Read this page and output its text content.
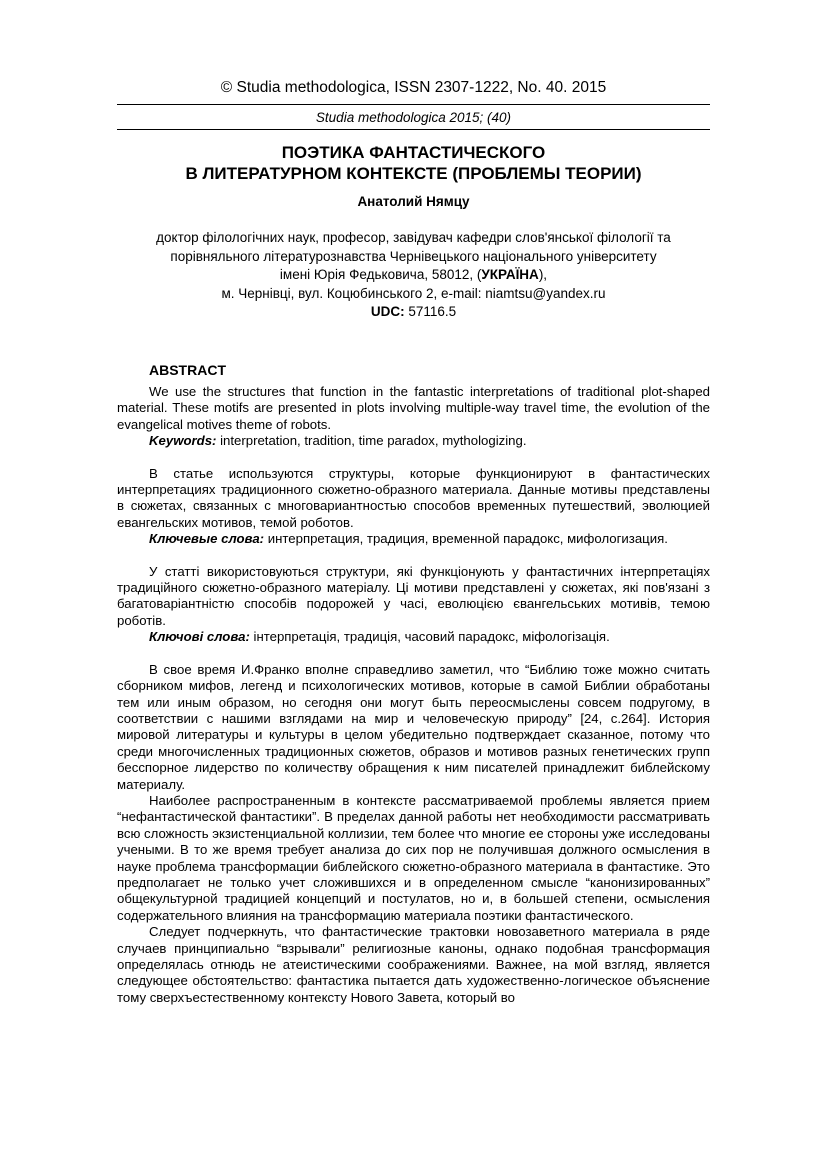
© Studia methodologica, ISSN 2307-1222, No. 40. 2015
Studia methodologica 2015; (40)
ПОЭТИКА ФАНТАСТИЧЕСКОГО
В ЛИТЕРАТУРНОМ КОНТЕКСТЕ (ПРОБЛЕМЫ ТЕОРИИ)
Анатолий Нямцу
доктор філологічних наук, професор, завідувач кафедри слов'янської філології та
порівняльного літературознавства Чернівецького національного університету
імені Юрія Федьковича, 58012, (УКРАЇНА),
м. Чернівці, вул. Коцюбинського 2, e-mail: niamtsu@yandex.ru
UDC: 57116.5
ABSTRACT

We use the structures that function in the fantastic interpretations of traditional plot-shaped material. These motifs are presented in plots involving multiple-way travel time, the evolution of the evangelical motives theme of robots.

Keywords: interpretation, tradition, time paradox, mythologizing.

В статье используются структуры, которые функционируют в фантастических интерпретациях традиционного сюжетно-образного материала. Данные мотивы представлены в сюжетах, связанных с многовариантностью способов временных путешествий, эволюцией евангельских мотивов, темой роботов.

Ключевые слова: интерпретация, традиция, временной парадокс, мифологизация.

У статті використовуються структури, які функціонують у фантастичних інтерпретаціях традиційного сюжетно-образного матеріалу. Ці мотиви представлені у сюжетах, які пов'язані з багатоваріантністю способів подорожей у часі, еволюцією євангельських мотивів, темою роботів.

Ключові слова: інтерпретація, традиція, часовий парадокс, міфологізація.

В свое время И.Франко вполне справедливо заметил, что “Библию тоже можно считать сборником мифов, легенд и психологических мотивов, которые в самой Библии обработаны тем или иным образом, но сегодня они могут быть переосмыслены совсем подругому, в соответствии с нашими взглядами на мир и человеческую природу” [24, с.264]. История мировой литературы и культуры в целом убедительно подтверждает сказанное, потому что среди многочисленных традиционных сюжетов, образов и мотивов разных генетических групп бесспорное лидерство по количеству обращения к ним писателей принадлежит библейскому материалу.

Наиболее распространенным в контексте рассматриваемой проблемы является прием “нефантастической фантастики”. В пределах данной работы нет необходимости рассматривать всю сложность экзистенциальной коллизии, тем более что многие ее стороны уже исследованы учеными. В то же время требует анализа до сих пор не получившая должного осмысления в науке проблема трансформации библейского сюжетно-образного материала в фантастике. Это предполагает не только учет сложившихся и в определенном смысле “канонизированных” общекультурной традицией концепций и постулатов, но и, в большей степени, осмысления содержательного влияния на трансформацию материала поэтики фантастического.

Следует подчеркнуть, что фантастические трактовки новозаветного материала в ряде случаев принципиально “взрывали” религиозные каноны, однако подобная трансформация определялась отнюдь не атеистическими соображениями. Важнее, на мой взгляд, является следующее обстоятельство: фантастика пытается дать художественно-логическое объяснение тому сверхъестественному контексту Нового Завета, который во
